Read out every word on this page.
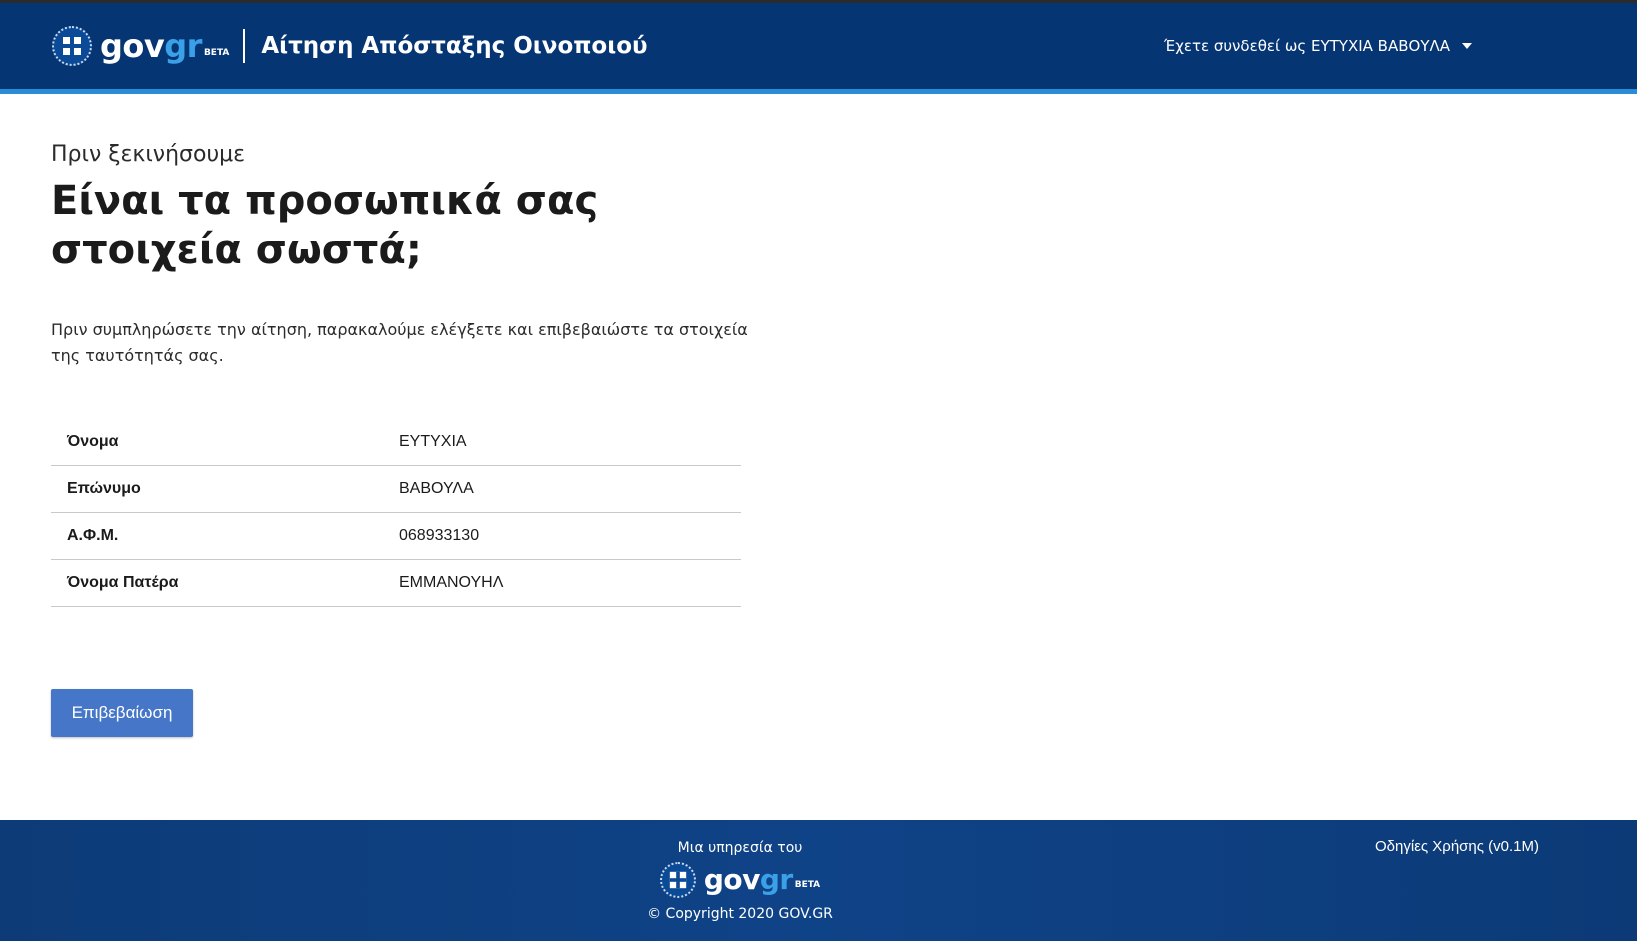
gov gr BETA Αίτηση Απόσταξης Οινοποιού	Έχετε συνδεθεί ως ΕΥΤΥΧΙΑ ΒΑΒΟΥΛΑ

Πριν ξεκινήσουμε

Είναι τα προσωπικά σας στοιχεία σωστά;

Πριν συμπληρώσετε την αίτηση, παρακαλούμε ελέγξετε και επιβεβαιώστε τα στοιχεία της ταυτότητάς σας.

Όνομα	ΕΥΤΥΧΙΑ
Επώνυμο	ΒΑΒΟΥΛΑ
Α.Φ.Μ.	068933130
Όνομα Πατέρα	ΕΜΜΑΝΟΥΗΛ
Επιβεβαίωση
Μια υπηρεσία του
gov gr BETA
© Copyright 2020 GOV.GR
Οδηγίες Χρήσης (v0.1M)
